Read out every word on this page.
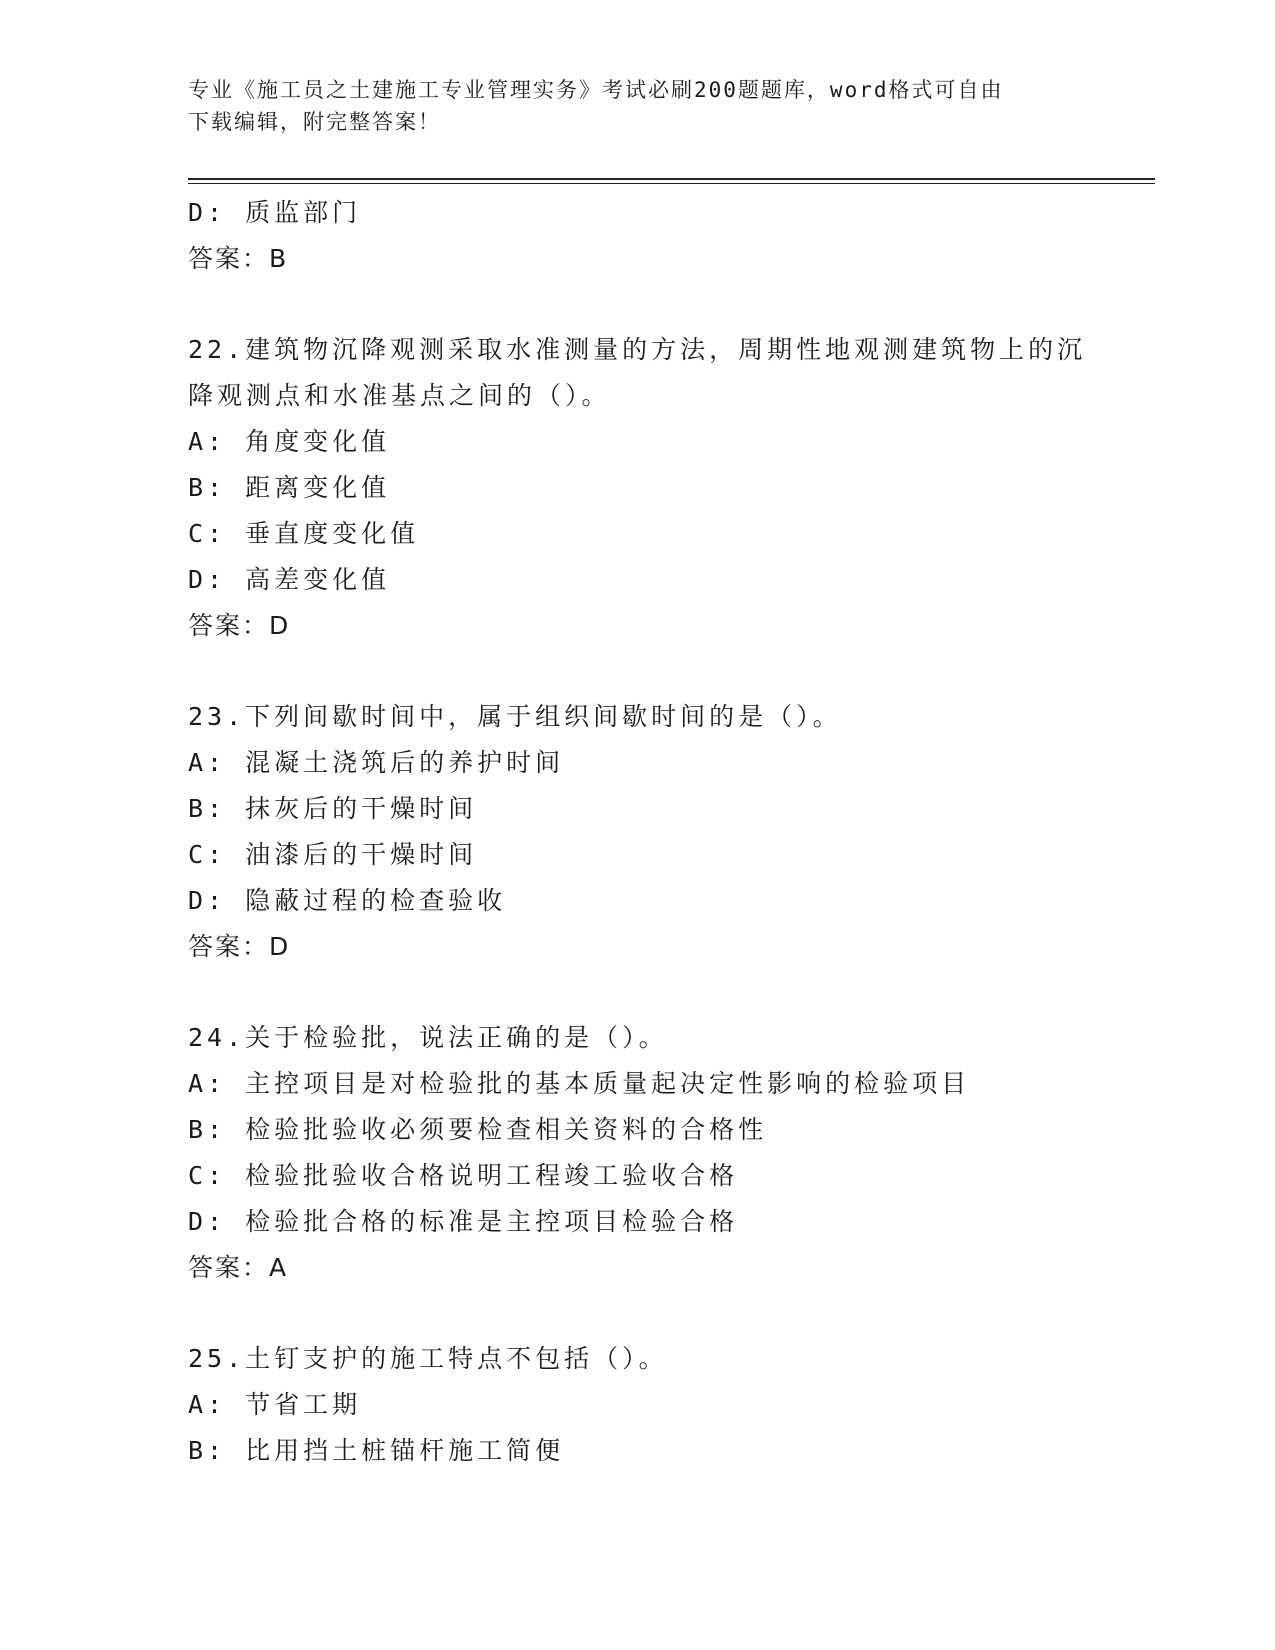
专业《施工员之土建施工专业管理实务》考试必刷200题题库，word格式可自由
下载编辑，附完整答案！
D: 质监部门
答案：B
22.建筑物沉降观测采取水准测量的方法，周期性地观测建筑物上的沉
降观测点和水准基点之间的（）。
A: 角度变化值
B: 距离变化值
C: 垂直度变化值
D: 高差变化值
答案：D
23.下列间歇时间中，属于组织间歇时间的是（）。
A: 混凝土浇筑后的养护时间
B: 抹灰后的干燥时间
C: 油漆后的干燥时间
D: 隐蔽过程的检查验收
答案：D
24.关于检验批，说法正确的是（）。
A: 主控项目是对检验批的基本质量起决定性影响的检验项目
B: 检验批验收必须要检查相关资料的合格性
C: 检验批验收合格说明工程竣工验收合格
D: 检验批合格的标准是主控项目检验合格
答案：A
25.土钉支护的施工特点不包括（）。
A: 节省工期
B: 比用挡土桩锚杆施工简便
